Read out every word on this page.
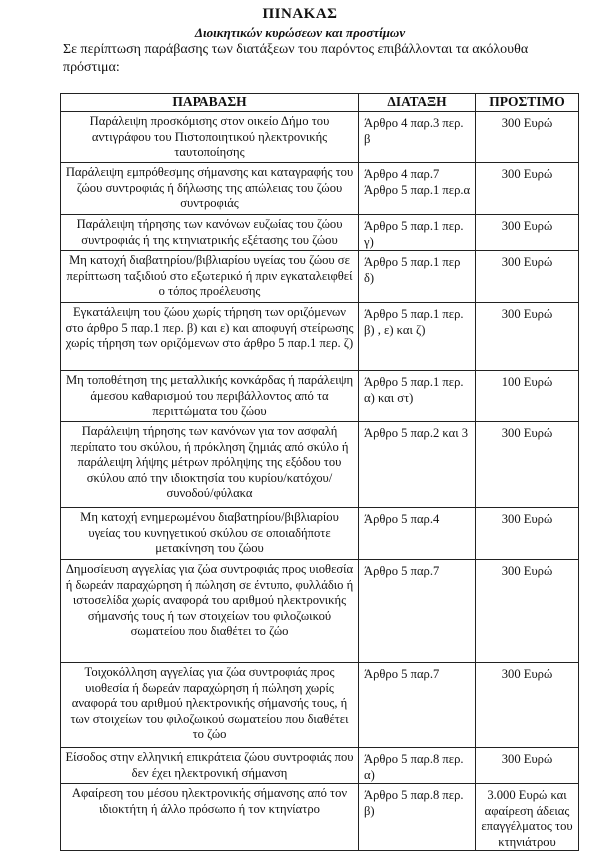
ΠΙΝΑΚΑΣ
Διοικητικών κυρώσεων και προστίμων
Σε περίπτωση παράβασης των διατάξεων του παρόντος επιβάλλονται τα ακόλουθα πρόστιμα:
ΠΑΡΑΒΑΣΗ	ΔΙΑΤΑΞΗ	ΠΡΟΣΤΙΜΟ
Παράλειψη προσκόμισης στον οικείο Δήμο του αντιγράφου του Πιστοποιητικού ηλεκτρονικής ταυτοποίησης	Άρθρο 4 παρ.3 περ. β	300 Ευρώ
Παράλειψη εμπρόθεσμης σήμανσης και καταγραφής του ζώου συντροφιάς ή δήλωσης της απώλειας του ζώου συντροφιάς	Άρθρο 4 παρ.7 Άρθρο 5 παρ.1 περ.α	300 Ευρώ
Παράλειψη τήρησης των κανόνων ευζωίας του ζώου συντροφιάς ή της κτηνιατρικής εξέτασης του ζώου	Άρθρο 5 παρ.1 περ. γ)	300 Ευρώ
Μη κατοχή διαβατηρίου/βιβλιαρίου υγείας του ζώου σε περίπτωση ταξιδιού στο εξωτερικό ή πριν εγκαταλειφθεί ο τόπος προέλευσης	Άρθρο 5 παρ.1 περ δ)	300 Ευρώ
Εγκατάλειψη του ζώου χωρίς τήρηση των οριζόμενων στο άρθρο 5 παρ.1 περ. β) και ε) και αποφυγή στείρωσης χωρίς τήρηση των οριζόμενων στο άρθρο 5 παρ.1 περ. ζ)	Άρθρο 5 παρ.1 περ. β) , ε) και ζ)	300 Ευρώ
Μη τοποθέτηση της μεταλλικής κονκάρδας ή παράλειψη άμεσου καθαρισμού του περιβάλλοντος από τα περιττώματα του ζώου	Άρθρο 5 παρ.1 περ. α) και στ)	100 Ευρώ
Παράλειψη τήρησης των κανόνων για τον ασφαλή περίπατο του σκύλου, ή πρόκληση ζημιάς από σκύλο ή παράλειψη λήψης μέτρων πρόληψης της εξόδου του σκύλου από την ιδιοκτησία του κυρίου/κατόχου/συνοδού/φύλακα	Άρθρο 5 παρ.2 και 3	300 Ευρώ
Μη κατοχή ενημερωμένου διαβατηρίου/βιβλιαρίου υγείας του κυνηγετικού σκύλου σε οποιαδήποτε μετακίνηση του ζώου	Άρθρο 5 παρ.4	300 Ευρώ
Δημοσίευση αγγελίας για ζώα συντροφιάς προς υιοθεσία ή δωρεάν παραχώρηση ή πώληση σε έντυπο, φυλλάδιο ή ιστοσελίδα χωρίς αναφορά του αριθμού ηλεκτρονικής σήμανσής τους ή των στοιχείων του φιλοζωικού σωματείου που διαθέτει το ζώο	Άρθρο 5 παρ.7	300 Ευρώ
Τοιχοκόλληση αγγελίας για ζώα συντροφιάς προς υιοθεσία ή δωρεάν παραχώρηση ή πώληση χωρίς αναφορά του αριθμού ηλεκτρονικής σήμανσής τους, ή των στοιχείων του φιλοζωικού σωματείου που διαθέτει το ζώο	Άρθρο 5 παρ.7	300 Ευρώ
Είσοδος στην ελληνική επικράτεια ζώου συντροφιάς που δεν έχει ηλεκτρονική σήμανση	Άρθρο 5 παρ.8 περ. α)	300 Ευρώ
Αφαίρεση του μέσου ηλεκτρονικής σήμανσης από τον ιδιοκτήτη ή άλλο πρόσωπο ή τον κτηνίατρο	Άρθρο 5 παρ.8 περ. β)	3.000 Ευρώ και αφαίρεση άδειας επαγγέλματος του κτηνιάτρου
